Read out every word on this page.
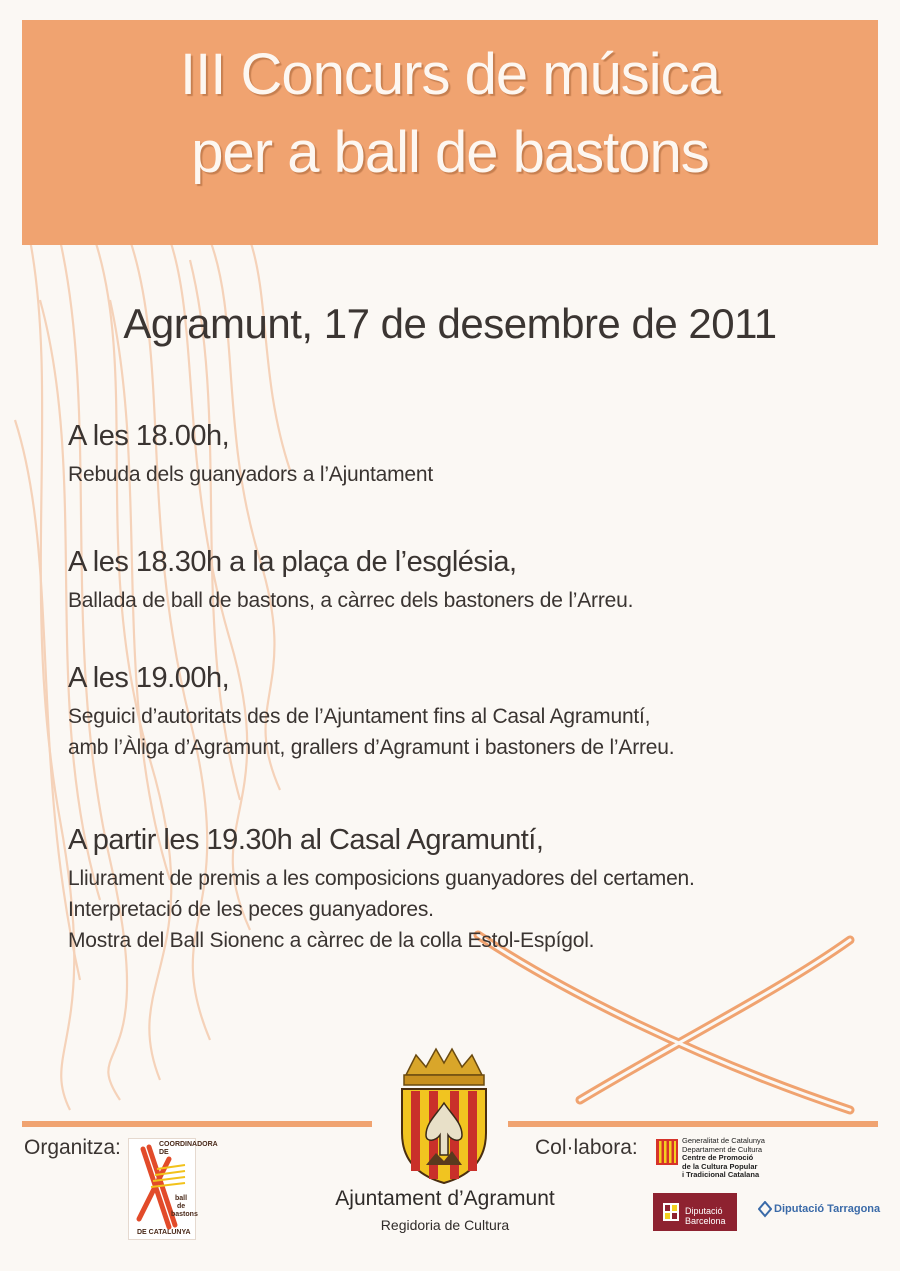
III Concurs de música
per a ball de bastons
Agramunt, 17 de desembre de 2011
A les 18.00h,
Rebuda dels guanyadors a l’Ajuntament
A les 18.30h a la plaça de l’església,
Ballada de ball de bastons, a càrrec dels bastoners de l’Arreu.
A les 19.00h,
Seguici d’autoritats des de l’Ajuntament fins al Casal Agramuntí,
amb l’Àliga d’Agramunt, grallers d’Agramunt i bastoners de l’Arreu.
A partir les 19.30h al Casal Agramuntí,
Lliurament de premis a les composicions guanyadores del certamen.
Interpretació de les peces guanyadores.
Mostra del Ball Sionenc a càrrec de la colla Estol-Espígol.
Organitza:	COORDINADORA DE
ball
de
bastons
DE CATALUNYA
Ajuntament d’Agramunt
Regidoria de Cultura
Col·labora:	Generalitat de Catalunya
Departament de Cultura
Centre de Promoció
de la Cultura Popular
i Tradicional Catalana
Diputació Barcelona
Diputació Tarragona
